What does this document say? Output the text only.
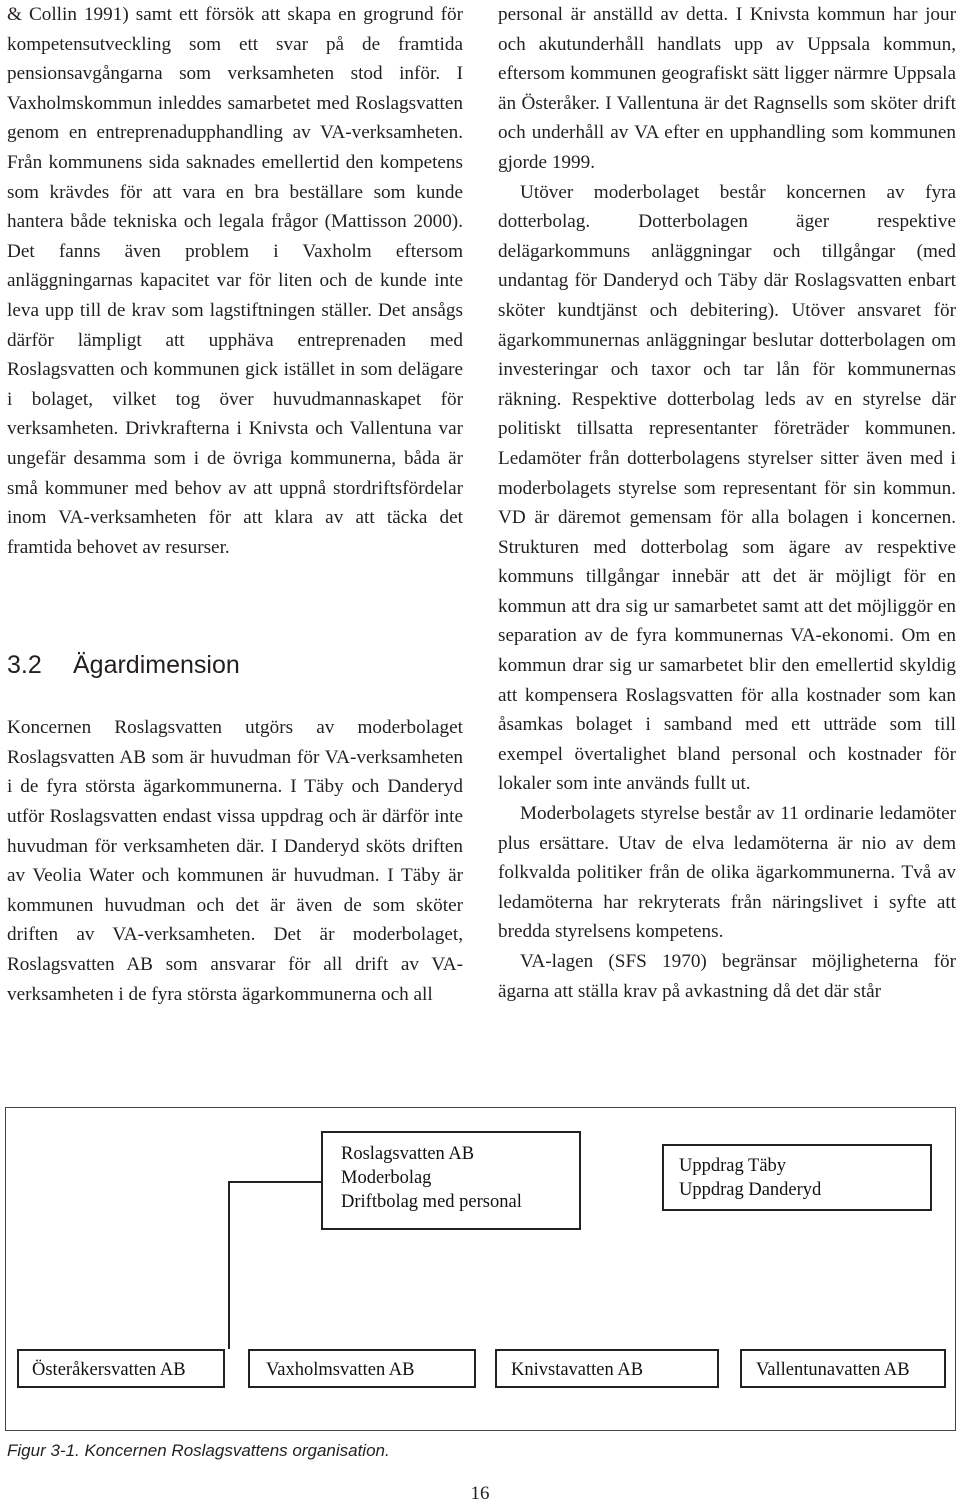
& Collin 1991) samt ett försök att skapa en grogrund för kompetensutveckling som ett svar på de framtida pensionsavgångarna som verksamheten stod inför. I Vaxholmskommun inleddes samarbetet med Roslagsvatten genom en entreprenadupphandling av VA-verksamheten. Från kommunens sida saknades emellertid den kompetens som krävdes för att vara en bra beställare som kunde hantera både tekniska och legala frågor (Mattisson 2000). Det fanns även problem i Vaxholm eftersom anläggningarnas kapacitet var för liten och de kunde inte leva upp till de krav som lagstiftningen ställer. Det ansågs därför lämpligt att upphäva entreprenaden med Roslagsvatten och kommunen gick istället in som delägare i bolaget, vilket tog över huvudmannaskapet för verksamheten. Drivkrafterna i Knivsta och Vallentuna var ungefär desamma som i de övriga kommunerna, båda är små kommuner med behov av att uppnå stordriftsfördelar inom VA-verksamheten för att klara av att täcka det framtida behovet av resurser.

3.2 Ägardimension

Koncernen Roslagsvatten utgörs av moderbolaget Roslagsvatten AB som är huvudman för VA-verksamheten i de fyra största ägarkommunerna. I Täby och Danderyd utför Roslagsvatten endast vissa uppdrag och är därför inte huvudman för verksamheten där. I Danderyd sköts driften av Veolia Water och kommunen är huvudman. I Täby är kommunen huvudman och det är även de som sköter driften av VA-verksamheten. Det är moderbolaget, Roslagsvatten AB som ansvarar för all drift av VA-verksamheten i de fyra största ägarkommunerna och all

personal är anställd av detta. I Knivsta kommun har jour och akutunderhåll handlats upp av Uppsala kommun, eftersom kommunen geografiskt sätt ligger närmre Uppsala än Österåker. I Vallentuna är det Ragnsells som sköter drift och underhåll av VA efter en upphandling som kommunen gjorde 1999.

Utöver moderbolaget består koncernen av fyra dotterbolag. Dotterbolagen äger respektive delägarkommuns anläggningar och tillgångar (med undantag för Danderyd och Täby där Roslagsvatten enbart sköter kundtjänst och debitering). Utöver ansvaret för ägarkommunernas anläggningar beslutar dotterbolagen om investeringar och taxor och tar lån för kommunernas räkning. Respektive dotterbolag leds av en styrelse där politiskt tillsatta representanter företräder kommunen. Ledamöter från dotterbolagens styrelser sitter även med i moderbolagets styrelse som representant för sin kommun. VD är däremot gemensam för alla bolagen i koncernen. Strukturen med dotterbolag som ägare av respektive kommuns tillgångar innebär att det är möjligt för en kommun att dra sig ur samarbetet samt att det möjliggör en separation av de fyra kommunernas VA-ekonomi. Om en kommun drar sig ur samarbetet blir den emellertid skyldig att kompensera Roslagsvatten för alla kostnader som kan åsamkas bolaget i samband med ett utträde som till exempel övertalighet bland personal och kostnader för lokaler som inte används fullt ut.

Moderbolagets styrelse består av 11 ordinarie ledamöter plus ersättare. Utav de elva ledamöterna är nio av dem folkvalda politiker från de olika ägarkommunerna. Två av ledamöterna har rekryterats från näringslivet i syfte att bredda styrelsens kompetens.

VA-lagen (SFS 1970) begränsar möjligheterna för ägarna att ställa krav på avkastning då det där står

Roslagsvatten AB
Moderbolag
Driftbolag med personal
Uppdrag Täby
Uppdrag Danderyd
Österåkersvatten AB	Vaxholmsvatten AB	Knivstavatten AB	Vallentunavatten AB
Figur 3-1. Koncernen Roslagsvattens organisation.
16
